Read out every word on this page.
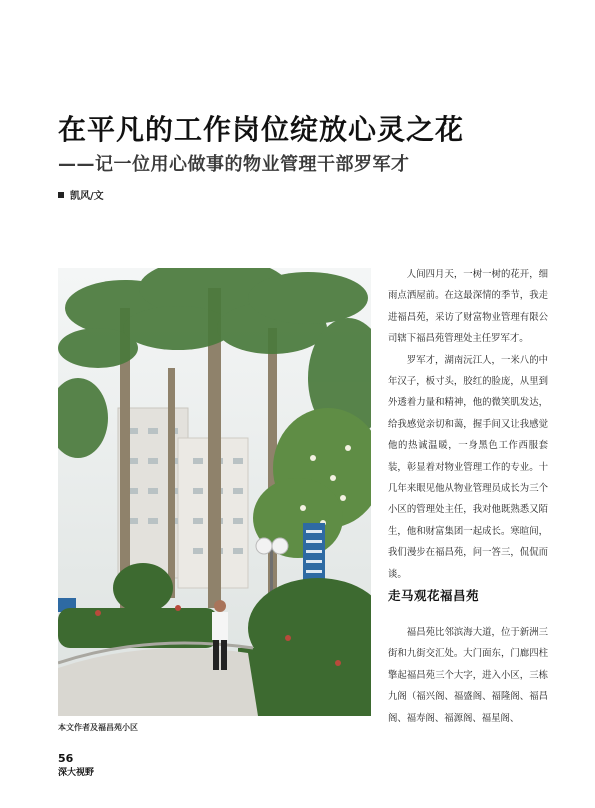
在平凡的工作岗位绽放心灵之花
——记一位用心做事的物业管理干部罗军才
凯风/文
本文作者及福昌苑小区

人间四月天，一树一树的花开，细雨点洒屋前。在这最深情的季节，我走进福昌苑，采访了财富物业管理有限公司辖下福昌苑管理处主任罗军才。

罗军才，湖南沅江人，一米八的中年汉子，板寸头，胶红的脸庞，从里到外透着力量和精神，他的微笑肌发达，给我感觉亲切和蔼，握手间又让我感觉他的热诚温暖，一身黑色工作西服套装，彰显着对物业管理工作的专业。十几年来眼见他从物业管理员成长为三个小区的管理处主任，我对他既熟悉又陌生，他和财富集团一起成长。寒暄间，我们漫步在福昌苑，问一答三，侃侃而谈。

走马观花福昌苑

福昌苑比邻滨海大道，位于新洲三街和九街交汇处。大门面东，门廊四柱擎起福昌苑三个大字，进入小区，三栋九阁（福兴阁、福盛阁、福隆阁、福昌阁、福寿阁、福源阁、福星阁、

56
深大视野
